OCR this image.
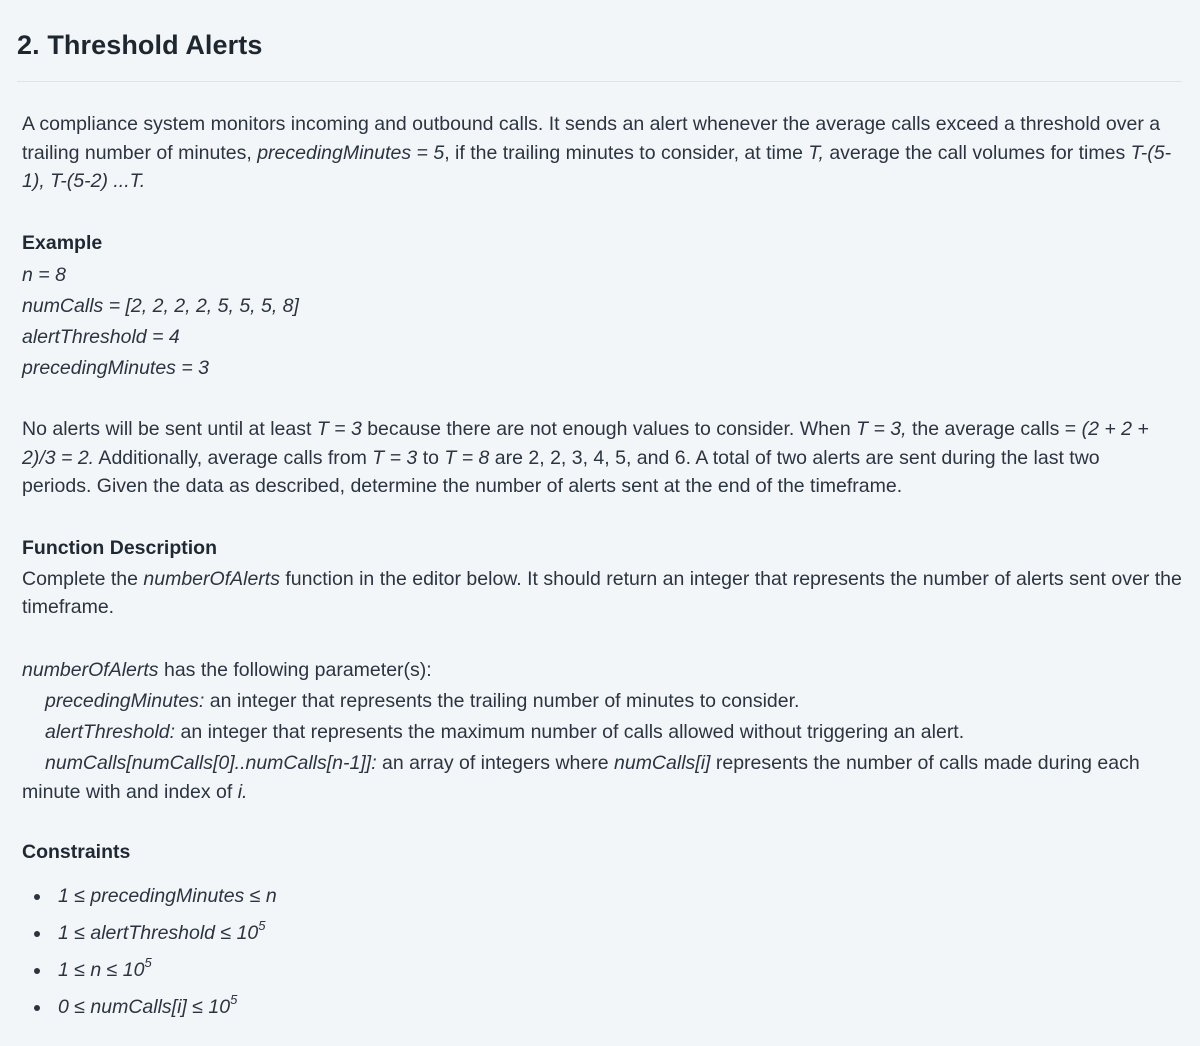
2. Threshold Alerts

A compliance system monitors incoming and outbound calls. It sends an alert whenever the average calls exceed a threshold over a trailing number of minutes, precedingMinutes = 5, if the trailing minutes to consider, at time T, average the call volumes for times T-(5-1), T-(5-2) ...T.

Example
n = 8
numCalls = [2, 2, 2, 2, 5, 5, 5, 8]
alertThreshold = 4
precedingMinutes = 3

No alerts will be sent until at least T = 3 because there are not enough values to consider. When T = 3, the average calls = (2 + 2 + 2)/3 = 2. Additionally, average calls from T = 3 to T = 8 are 2, 2, 3, 4, 5, and 6. A total of two alerts are sent during the last two periods. Given the data as described, determine the number of alerts sent at the end of the timeframe.

Function Description

Complete the numberOfAlerts function in the editor below. It should return an integer that represents the number of alerts sent over the timeframe.

numberOfAlerts has the following parameter(s):
precedingMinutes: an integer that represents the trailing number of minutes to consider.
alertThreshold: an integer that represents the maximum number of calls allowed without triggering an alert.
numCalls[numCalls[0]..numCalls[n-1]]: an array of integers where numCalls[i] represents the number of calls made during each minute with and index of i.
Constraints
1 ≤ precedingMinutes ≤ n
1 ≤ alertThreshold ≤ $10^5$
$1 \le n \le 10^5$
0 ≤ numCalls[i] ≤ $10^5$
